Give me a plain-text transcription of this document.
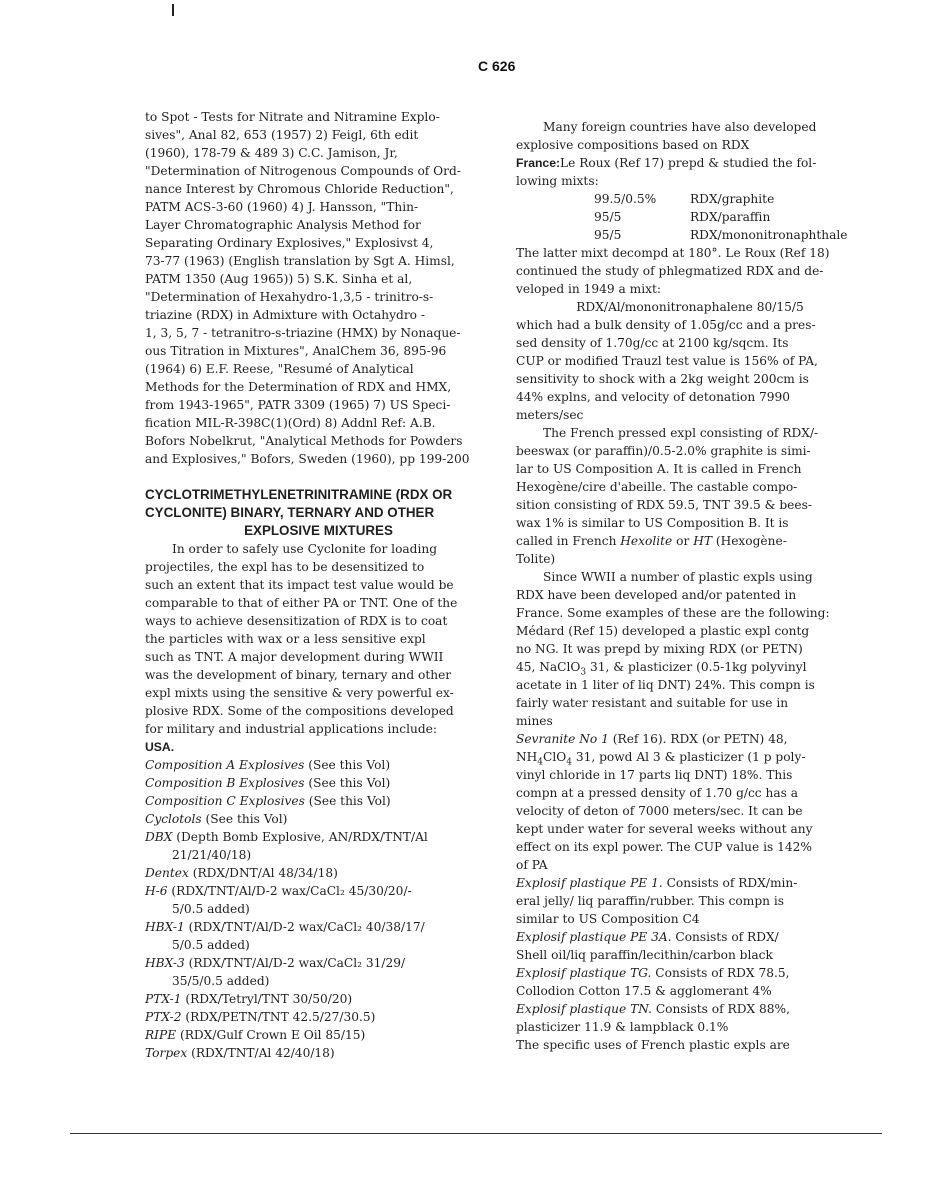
C 626
to Spot - Tests for Nitrate and Nitramine Explo-
sives", Anal 82, 653 (1957) 2) Feigl, 6th edit
(1960), 178-79 & 489 3) C.C. Jamison, Jr,
"Determination of Nitrogenous Compounds of Ord-
nance Interest by Chromous Chloride Reduction",
PATM ACS-3-60 (1960) 4) J. Hansson, "Thin-
Layer Chromatographic Analysis Method for
Separating Ordinary Explosives," Explosivst 4,
73-77 (1963) (English translation by Sgt A. Himsl,
PATM 1350 (Aug 1965)) 5) S.K. Sinha et al,
"Determination of Hexahydro-1,3,5 - trinitro-s-
triazine (RDX) in Admixture with Octahydro -
1, 3, 5, 7 - tetranitro-s-triazine (HMX) by Nonaque-
ous Titration in Mixtures", AnalChem 36, 895-96
(1964) 6) E.F. Reese, "Resumé of Analytical
Methods for the Determination of RDX and HMX,
from 1943-1965", PATR 3309 (1965) 7) US Speci-
fication MIL-R-398C(1)(Ord) 8) Addnl Ref: A.B.
Bofors Nobelkrut, "Analytical Methods for Powders
and Explosives," Bofors, Sweden (1960), pp 199-200
CYCLOTRIMETHYLENETRINITRAMINE (RDX OR
CYCLONITE) BINARY, TERNARY AND OTHER
EXPLOSIVE MIXTURES
In order to safely use Cyclonite for loading
projectiles, the expl has to be desensitized to
such an extent that its impact test value would be
comparable to that of either PA or TNT. One of the
ways to achieve desensitization of RDX is to coat
the particles with wax or a less sensitive expl
such as TNT. A major development during WWII
was the development of binary, ternary and other
expl mixts using the sensitive & very powerful ex-
plosive RDX. Some of the compositions developed
for military and industrial applications include:
USA.
Composition A Explosives (See this Vol)
Composition B Explosives (See this Vol)
Composition C Explosives (See this Vol)
Cyclotols (See this Vol)
DBX (Depth Bomb Explosive, AN/RDX/TNT/Al
21/21/40/18)
Dentex (RDX/DNT/Al 48/34/18)
H-6 (RDX/TNT/Al/D-2 wax/CaCl₂ 45/30/20/-
5/0.5 added)
HBX-1 (RDX/TNT/Al/D-2 wax/CaCl₂ 40/38/17/
5/0.5 added)
HBX-3 (RDX/TNT/Al/D-2 wax/CaCl₂ 31/29/
35/5/0.5 added)
PTX-1 (RDX/Tetryl/TNT 30/50/20)
PTX-2 (RDX/PETN/TNT 42.5/27/30.5)
RIPE (RDX/Gulf Crown E Oil 85/15)
Torpex (RDX/TNT/Al 42/40/18)
Many foreign countries have also developed
explosive compositions based on RDX
France:Le Roux (Ref 17) prepd & studied the fol-
lowing mixts:
99.5/0.5%	RDX/graphite
95/5	RDX/paraffin
95/5	RDX/mononitronaphthale
The latter mixt decompd at 180°. Le Roux (Ref 18)
continued the study of phlegmatized RDX and de-
veloped in 1949 a mixt:
RDX/Al/mononitronaphalene 80/15/5
which had a bulk density of 1.05g/cc and a pres-
sed density of 1.70g/cc at 2100 kg/sqcm. Its
CUP or modified Trauzl test value is 156% of PA,
sensitivity to shock with a 2kg weight 200cm is
44% explns, and velocity of detonation 7990
meters/sec
The French pressed expl consisting of RDX/-
beeswax (or paraffin)/0.5-2.0% graphite is simi-
lar to US Composition A. It is called in French
Hexogène/cire d'abeille. The castable compo-
sition consisting of RDX 59.5, TNT 39.5 & bees-
wax 1% is similar to US Composition B. It is
called in French Hexolite or HT (Hexogène-
Tolite)
Since WWII a number of plastic expls using
RDX have been developed and/or patented in
France. Some examples of these are the following:
Médard (Ref 15) developed a plastic expl contg
no NG. It was prepd by mixing RDX (or PETN)
45, NaClO$_3$ 31, & plasticizer (0.5-1kg polyvinyl
acetate in 1 liter of liq DNT) 24%. This compn is
fairly water resistant and suitable for use in
mines
Sevranite No 1 (Ref 16). RDX (or PETN) 48,
$NH_4ClO_4$ 31, powd Al 3 & plasticizer (1 p poly-
vinyl chloride in 17 parts liq DNT) 18%. This
compn at a pressed density of 1.70 g/cc has a
velocity of deton of 7000 meters/sec. It can be
kept under water for several weeks without any
effect on its expl power. The CUP value is 142%
of PA
Explosif plastique PE 1. Consists of RDX/min-
eral jelly/ liq paraffin/rubber. This compn is
similar to US Composition C4
Explosif plastique PE 3A. Consists of RDX/
Shell oil/liq paraffin/lecithin/carbon black
Explosif plastique TG. Consists of RDX 78.5,
Collodion Cotton 17.5 & agglomerant 4%
Explosif plastique TN. Consists of RDX 88%,
plasticizer 11.9 & lampblack 0.1%
The specific uses of French plastic expls are
